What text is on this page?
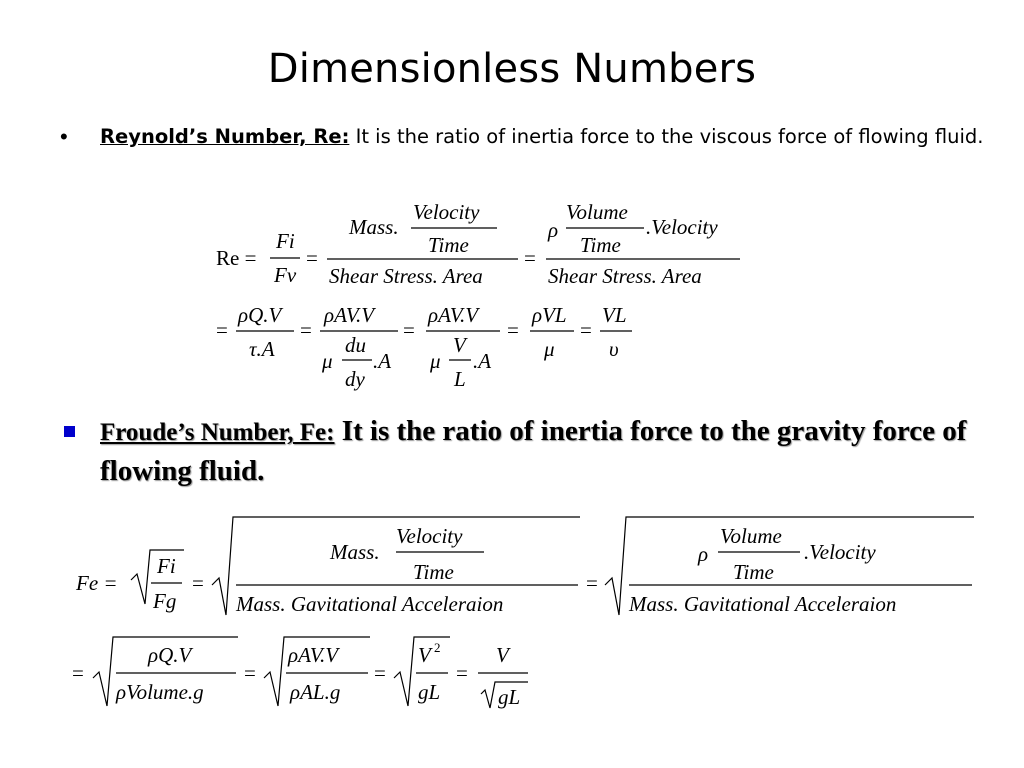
Dimensionless Numbers
• Reynold’s Number, Re: It is the ratio of inertia force to the viscous force of flowing fluid.
Froude’s Number, Fe: It is the ratio of inertia force to the gravity force of flowing fluid.
Re =
Fi
Fv
=
Mass.
Velocity
Time
Shear Stress. Area
=
ρ
Volume
Time
.Velocity
Shear Stress. Area
=
ρQ.V
τ.A
=
ρAV.V
μ
du
dy
.A
=
ρAV.V
μ
V
L
.A
=
ρVL
μ
=
VL
υ
Fe =
Fi
Fg
=
Mass.
Velocity
Time
Mass. Gavitational Acceleraion
=
ρ
Volume
Time
.Velocity
Mass. Gavitational Acceleraion
=
ρQ.V
ρVolume.g
=
ρAV.V
ρAL.g
=
V 2
gL
=
V
gL
